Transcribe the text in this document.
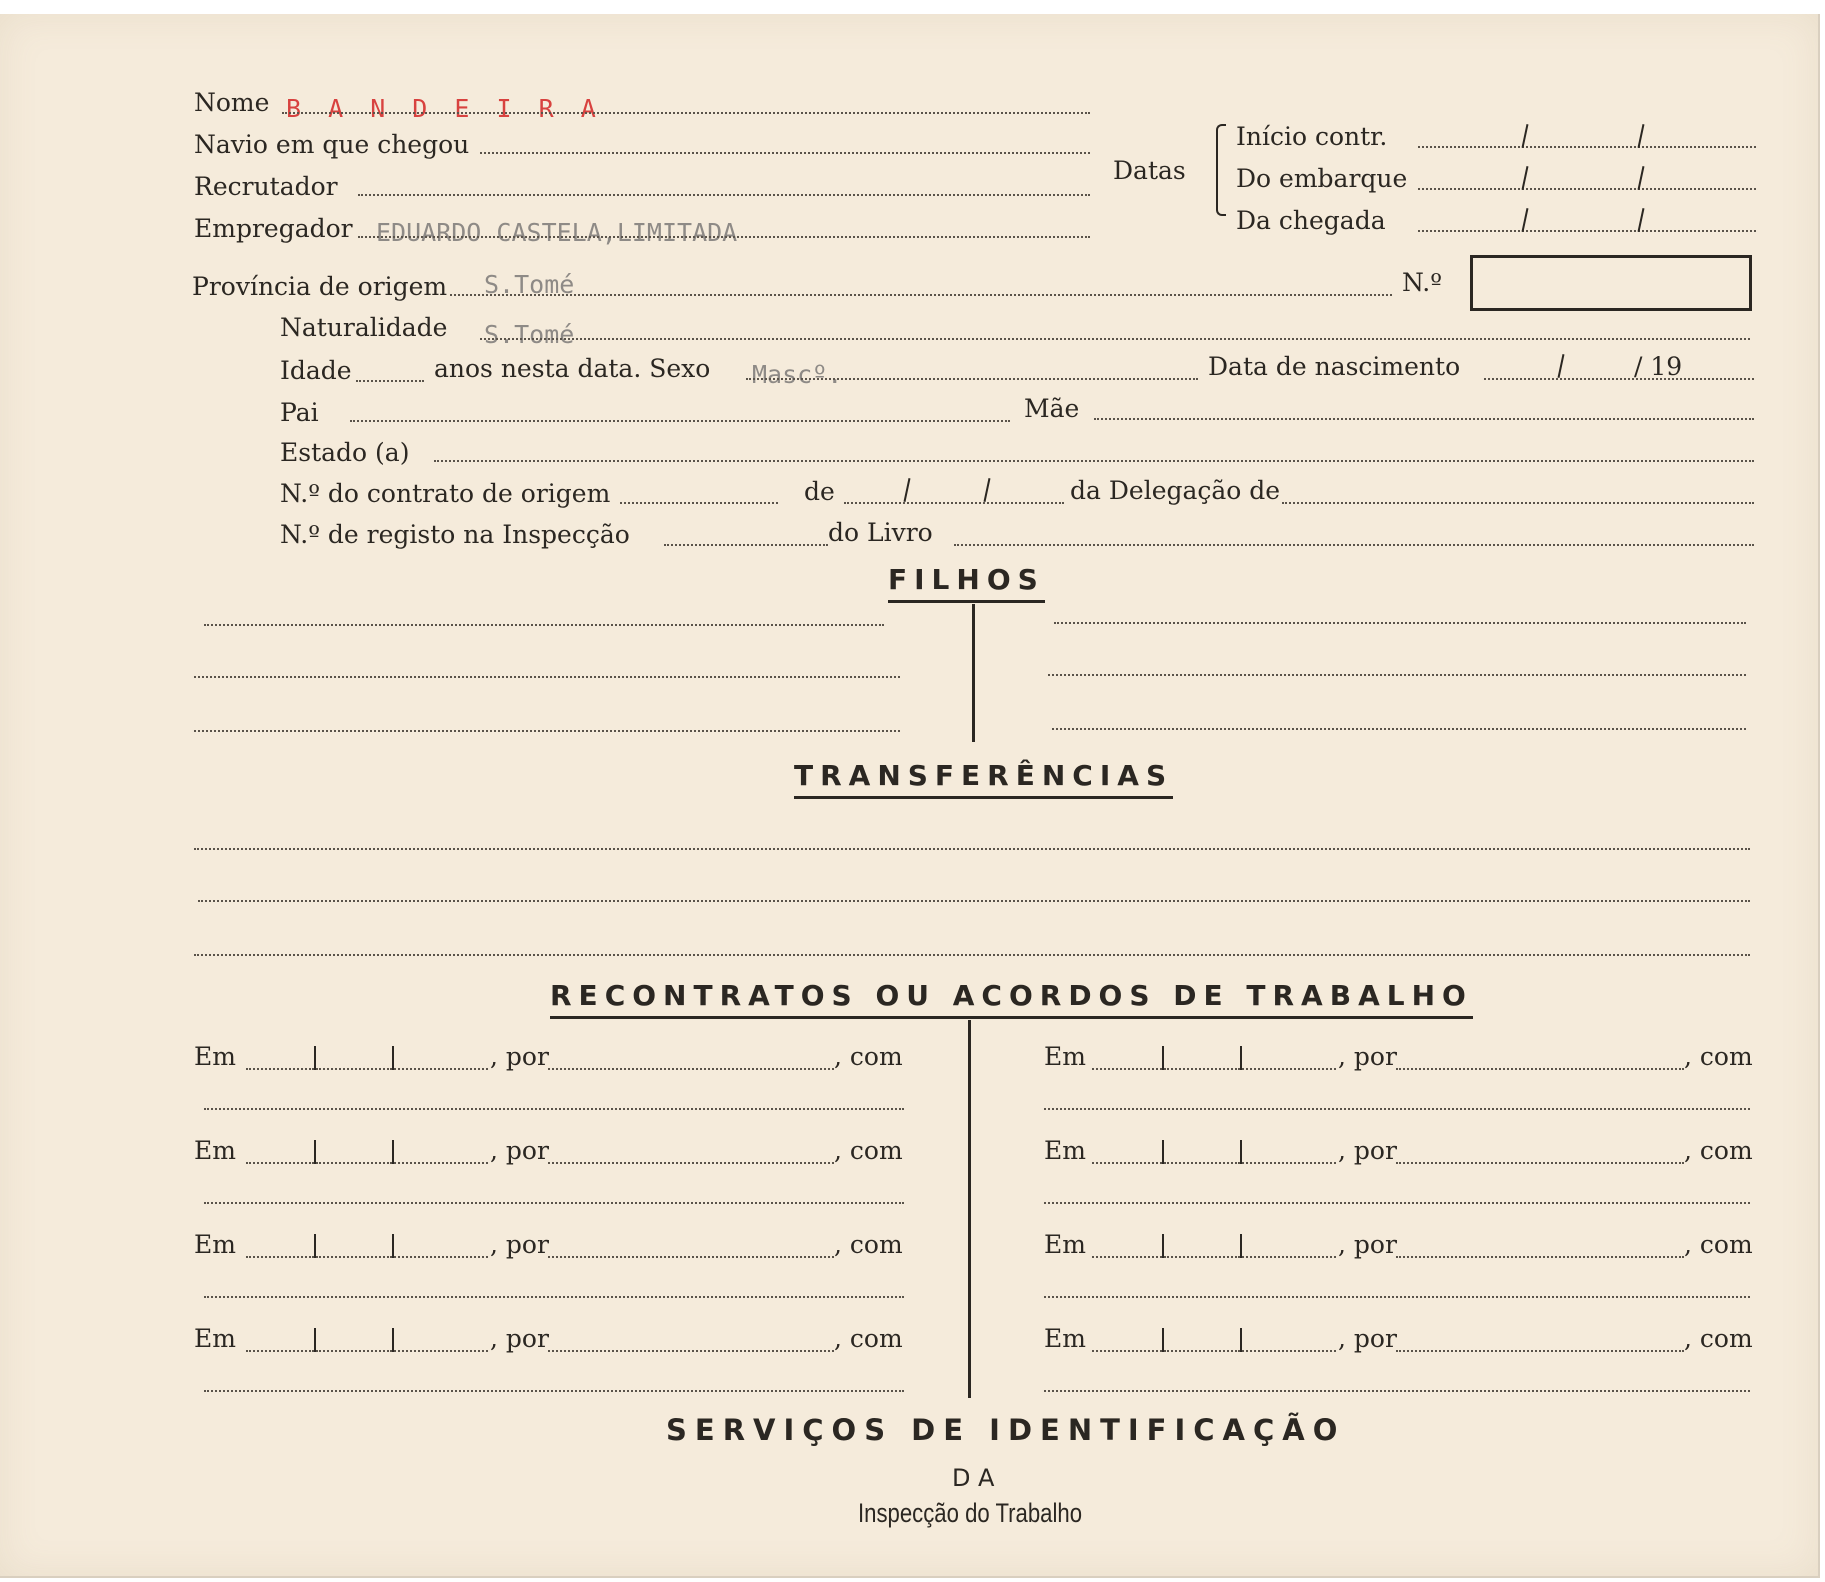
Nome B A N D E I R A
Navio em que chegou
Recrutador
Empregador EDUARDO CASTELA,LIMITADA
Datas
Início contr.
Do embarque
Da chegada
Província de origem S.Tomé	N.º
Naturalidade S.Tomé
Idade	anos nesta data. Sexo Mascº.	Data de nascimento	/ 19
Pai	Mãe
Estado (a)
N.º do contrato de origem	de	da Delegação de
N.º de registo na Inspecção	do Livro
FILHOS
TRANSFERÊNCIAS
RECONTRATOS OU ACORDOS DE TRABALHO
Em	, por	, com	Em	, por	, com
Em	, por	, com	Em	, por	, com
Em	, por	, com	Em	, por	, com
Em	, por	, com	Em	, por	, com
SERVIÇOS DE IDENTIFICAÇÃO
DA
Inspecção do Trabalho
